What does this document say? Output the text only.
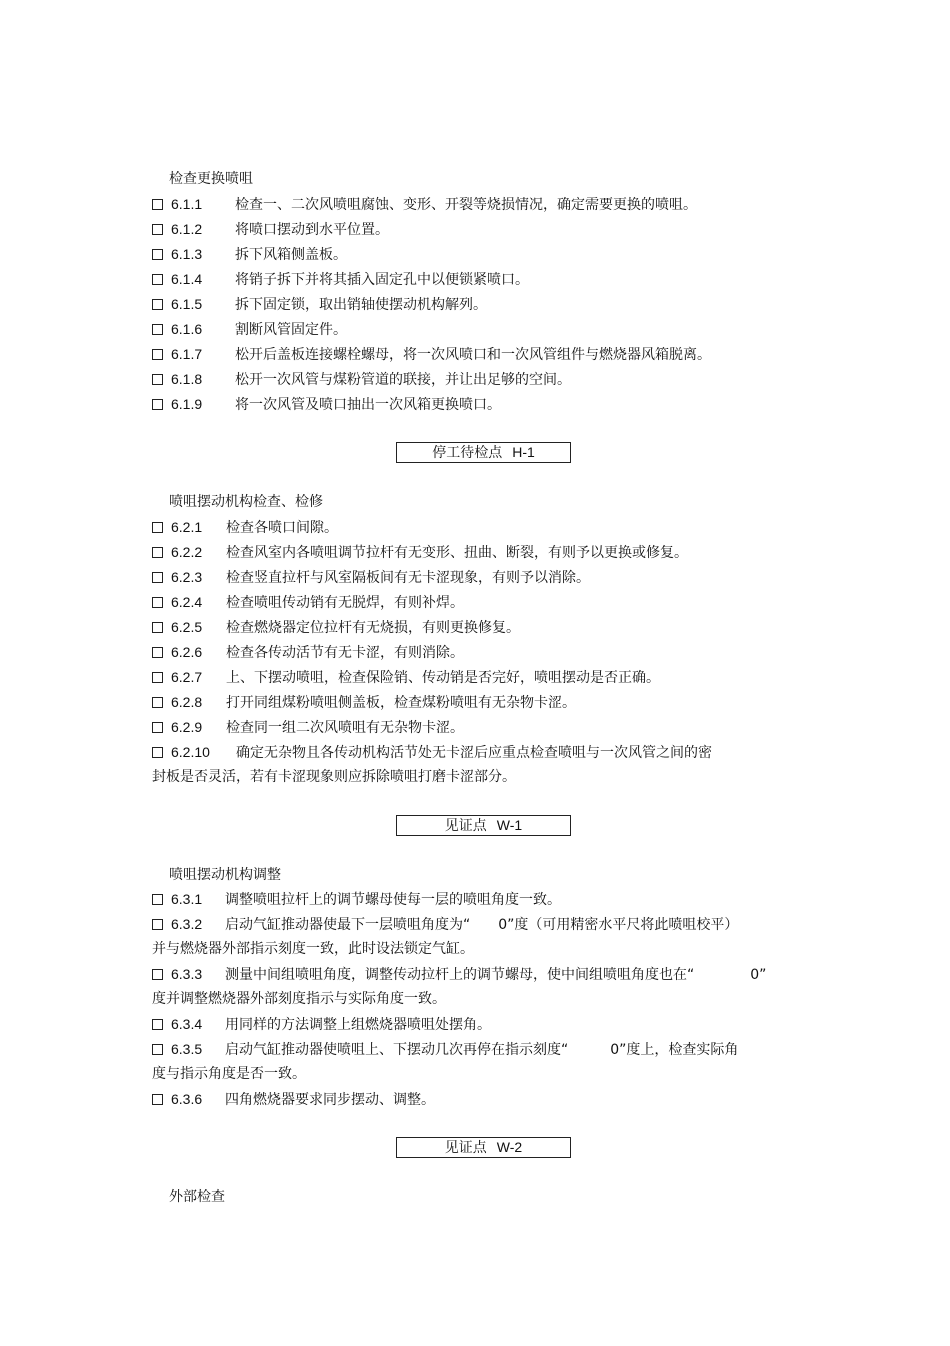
检查更换喷咀
6.1.1 检查一、二次风喷咀腐蚀、变形、开裂等烧损情况，确定需要更换的喷咀。
6.1.2 将喷口摆动到水平位置。
6.1.3 拆下风箱侧盖板。
6.1.4 将销子拆下并将其插入固定孔中以便锁紧喷口。
6.1.5 拆下固定锁，取出销轴使摆动机构解列。
6.1.6 割断风管固定件。
6.1.7 松开后盖板连接螺栓螺母，将一次风喷口和一次风管组件与燃烧器风箱脱离。
6.1.8 松开一次风管与煤粉管道的联接，并让出足够的空间。
6.1.9 将一次风管及喷口抽出一次风箱更换喷口。
停工待检点 H-1
喷咀摆动机构检查、检修
6.2.1 检查各喷口间隙。
6.2.2 检查风室内各喷咀调节拉杆有无变形、扭曲、断裂，有则予以更换或修复。
6.2.3 检查竖直拉杆与风室隔板间有无卡涩现象，有则予以消除。
6.2.4 检查喷咀传动销有无脱焊，有则补焊。
6.2.5 检查燃烧器定位拉杆有无烧损，有则更换修复。
6.2.6 检查各传动活节有无卡涩，有则消除。
6.2.7 上、下摆动喷咀，检查保险销、传动销是否完好，喷咀摆动是否正确。
6.2.8 打开同组煤粉喷咀侧盖板，检查煤粉喷咀有无杂物卡涩。
6.2.9 检查同一组二次风喷咀有无杂物卡涩。
6.2.10 确定无杂物且各传动机构活节处无卡涩后应重点检查喷咀与一次风管之间的密
封板是否灵活，若有卡涩现象则应拆除喷咀打磨卡涩部分。
见证点 W-1
喷咀摆动机构调整
6.3.1 调整喷咀拉杆上的调节螺母使每一层的喷咀角度一致。
6.3.2 启动气缸推动器使最下一层喷咀角度为“　　0”度（可用精密水平尺将此喷咀校平）
并与燃烧器外部指示刻度一致，此时设法锁定气缸。
6.3.3 测量中间组喷咀角度，调整传动拉杆上的调节螺母，使中间组喷咀角度也在“　　　　0”
度并调整燃烧器外部刻度指示与实际角度一致。
6.3.4 用同样的方法调整上组燃烧器喷咀处摆角。
6.3.5 启动气缸推动器使喷咀上、下摆动几次再停在指示刻度“　　　0”度上，检查实际角
度与指示角度是否一致。
6.3.6 四角燃烧器要求同步摆动、调整。
见证点 W-2
外部检查
